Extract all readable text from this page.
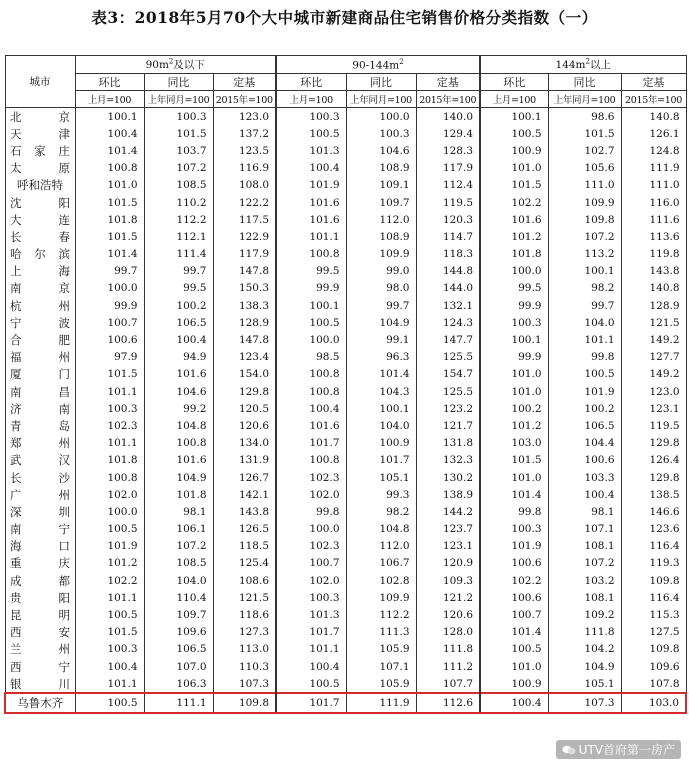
表3：2018年5月70个大中城市新建商品住宅销售价格分类指数（一）
城市	$90m^2$及以下			$90-144m^2$			$144m^2$以上		
	环比	同比	定基	环比	同比	定基	环比	同比	定基
	上月=100	上年同月=100	2015年=100	上月=100	上年同月=100	2015年=100	上月=100	上年同月=100	2015年=100
北京	100.1	100.3	123.0	100.3	100.0	140.0	100.1	98.6	140.8
天津	100.4	101.5	137.2	100.5	100.3	129.4	100.5	101.5	126.1
石家庄	101.4	103.7	123.5	101.3	104.6	128.3	100.9	102.7	124.8
太原	100.8	107.2	116.9	100.4	108.9	117.9	101.0	105.6	111.9
呼和浩特	101.0	108.5	108.0	101.9	109.1	112.4	101.5	111.0	111.0
沈阳	101.5	110.2	122.2	101.6	109.7	119.5	102.2	109.9	116.0
大连	101.8	112.2	117.5	101.6	112.0	120.3	101.6	109.8	111.6
长春	101.5	112.1	122.9	101.1	108.9	114.7	101.2	107.2	113.6
哈尔滨	101.4	111.4	117.9	100.8	109.9	118.3	101.8	113.2	119.8
上海	99.7	99.7	147.8	99.5	99.0	144.8	100.0	100.1	143.8
南京	100.0	99.5	150.3	99.9	98.0	144.0	99.5	98.2	140.8
杭州	99.9	100.2	138.3	100.1	99.7	132.1	99.9	99.7	128.9
宁波	100.7	106.5	128.9	100.5	104.9	124.3	100.3	104.0	121.5
合肥	100.6	100.4	147.8	100.0	99.1	147.7	100.1	101.1	149.2
福州	97.9	94.9	123.4	98.5	96.3	125.5	99.9	99.8	127.7
厦门	101.5	101.6	154.0	100.8	101.4	154.7	101.0	100.5	149.2
南昌	101.1	104.6	129.8	100.8	104.3	125.5	101.0	101.9	123.0
济南	100.3	99.2	120.5	100.4	100.1	123.2	100.2	100.2	123.1
青岛	102.3	104.8	120.6	101.6	104.0	121.7	101.2	106.5	119.5
郑州	101.1	100.8	134.0	101.7	100.9	131.8	103.0	104.4	129.8
武汉	101.8	101.6	131.9	100.8	101.7	132.3	101.5	100.6	126.4
长沙	100.8	104.9	126.7	102.3	105.1	130.2	101.0	103.3	129.8
广州	102.0	101.8	142.1	102.0	99.3	138.9	101.4	100.4	138.5
深圳	100.0	98.1	143.8	99.8	98.2	144.2	99.8	98.1	146.6
南宁	100.5	106.1	126.5	100.0	104.8	123.7	100.3	107.1	123.6
海口	101.9	107.2	118.5	102.3	112.0	123.1	101.9	108.1	116.4
重庆	101.2	108.5	125.4	100.7	106.7	120.9	100.6	107.2	119.3
成都	102.2	104.0	108.6	102.0	102.8	109.3	102.2	103.2	109.8
贵阳	101.1	110.4	121.5	100.3	109.9	121.2	100.6	108.1	116.4
昆明	100.5	109.7	118.6	101.3	112.2	120.6	100.7	109.2	115.3
西安	101.5	109.6	127.3	101.7	111.3	128.0	101.4	111.8	127.5
兰州	100.3	106.5	113.0	101.1	105.9	111.8	100.5	104.2	109.8
西宁	100.4	107.0	110.3	100.4	107.1	111.2	101.0	104.9	109.6
银川	101.1	106.3	107.3	100.5	105.9	107.7	100.9	105.1	107.8
乌鲁木齐	100.5	111.1	109.8	101.7	111.9	112.6	100.4	107.3	103.0
UTV首府第一房产
